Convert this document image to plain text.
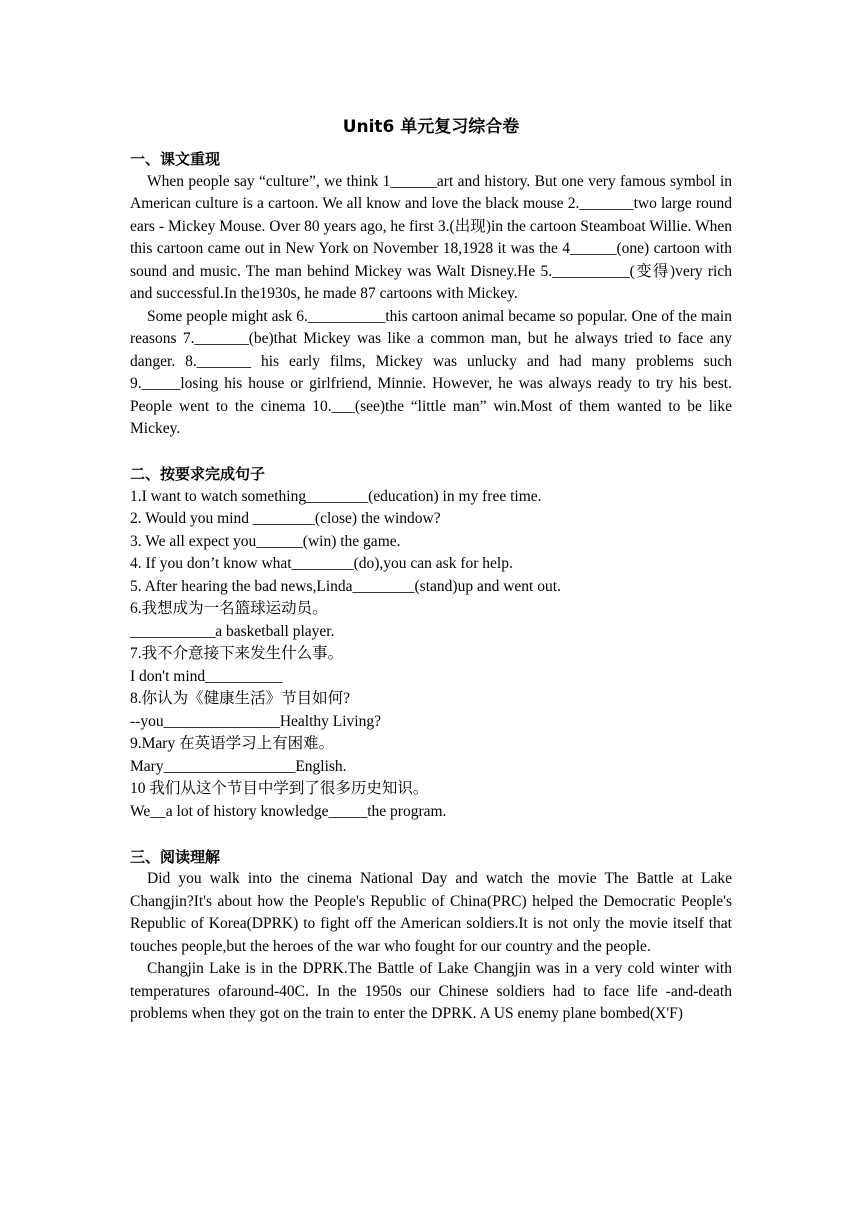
Unit6 单元复习综合卷
一、课文重现

When people say “culture”, we think 1______art and history. But one very famous symbol in American culture is a cartoon. We all know and love the black mouse 2._______two large round ears - Mickey Mouse. Over 80 years ago, he first 3.(出现)in the cartoon Steamboat Willie. When this cartoon came out in New York on November 18,1928 it was the 4______(one) cartoon with sound and music. The man behind Mickey was Walt Disney.He 5.__________(变得)very rich and successful.In the1930s, he made 87 cartoons with Mickey.

Some people might ask 6.__________this cartoon animal became so popular. One of the main reasons 7._______(be)that Mickey was like a common man, but he always tried to face any danger. 8._______ his early films, Mickey was unlucky and had many problems such 9._____losing his house or girlfriend, Minnie. However, he was always ready to try his best. People went to the cinema 10.___(see)the “little man” win.Most of them wanted to be like Mickey.

二、按要求完成句子
1.I want to watch something________(education) in my free time.
2. Would you mind ________(close) the window?
3. We all expect you______(win) the game.
4. If you don’t know what________(do),you can ask for help.
5. After hearing the bad news,Linda________(stand)up and went out.
6.我想成为一名篮球运动员。
___________a basketball player.
7.我不介意接下来发生什么事。
I don't mind__________
8.你认为《健康生活》节目如何?
--you_______________Healthy Living?
9.Mary 在英语学习上有困难。
Mary_________________English.
10 我们从这个节目中学到了很多历史知识。
We__a lot of history knowledge_____the program.
三、阅读理解

Did you walk into the cinema National Day and watch the movie The Battle at Lake Changjin?It's about how the People's Republic of China(PRC) helped the Democratic People's Republic of Korea(DPRK) to fight off the American soldiers.It is not only the movie itself that touches people,but the heroes of the war who fought for our country and the people.

Changjin Lake is in the DPRK.The Battle of Lake Changjin was in a very cold winter with temperatures ofaround-40C. In the 1950s our Chinese soldiers had to face life -and-death problems when they got on the train to enter the DPRK. A US enemy plane bombed(X'F)
